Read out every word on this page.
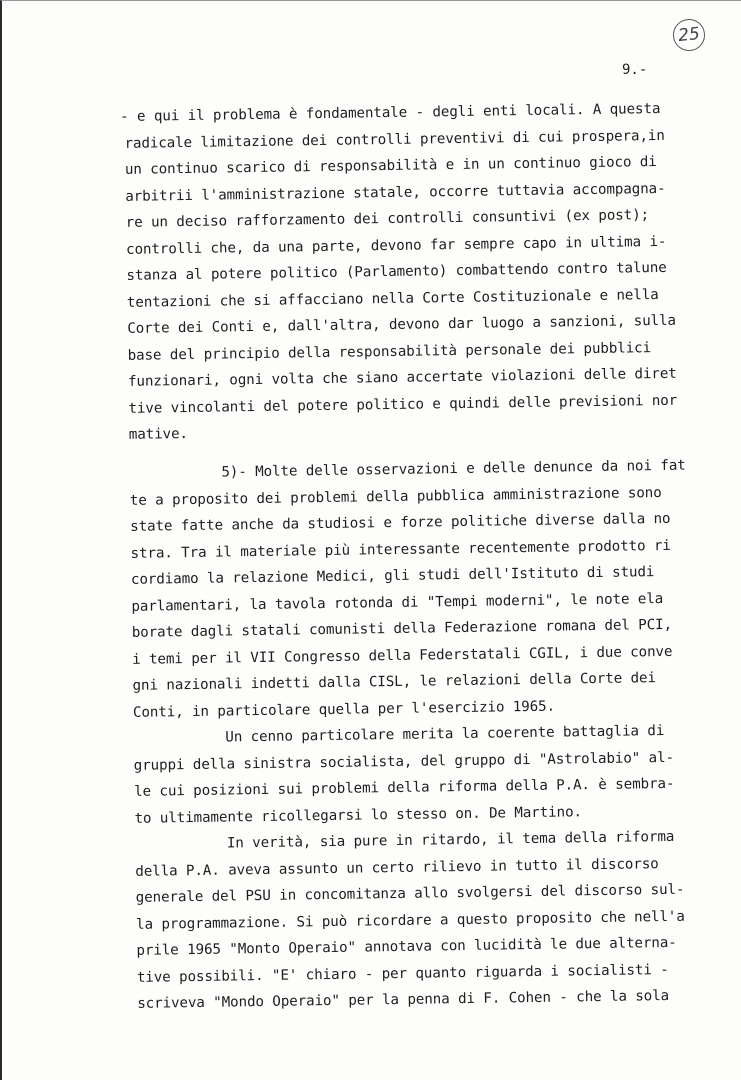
25
9.-
- e qui il problema è fondamentale - degli enti locali. A questa
radicale limitazione dei controlli preventivi di cui prospera,in
un continuo scarico di responsabilità e in un continuo gioco di
arbitrii l'amministrazione statale, occorre tuttavia accompagna-
re un deciso rafforzamento dei controlli consuntivi (ex post);
controlli che, da una parte, devono far sempre capo in ultima i-
stanza al potere politico (Parlamento) combattendo contro talune
tentazioni che si affacciano nella Corte Costituzionale e nella
Corte dei Conti e, dall'altra, devono dar luogo a sanzioni, sulla
base del principio della responsabilità personale dei pubblici
funzionari, ogni volta che siano accertate violazioni delle diret
tive vincolanti del potere politico e quindi delle previsioni nor
mative.
5)- Molte delle osservazioni e delle denunce da noi fat
te a proposito dei problemi della pubblica amministrazione sono
state fatte anche da studiosi e forze politiche diverse dalla no
stra. Tra il materiale più interessante recentemente prodotto ri
cordiamo la relazione Medici, gli studi dell'Istituto di studi
parlamentari, la tavola rotonda di "Tempi moderni", le note ela
borate dagli statali comunisti della Federazione romana del PCI,
i temi per il VII Congresso della Federstatali CGIL, i due conve
gni nazionali indetti dalla CISL, le relazioni della Corte dei
Conti, in particolare quella per l'esercizio 1965.
Un cenno particolare merita la coerente battaglia di
gruppi della sinistra socialista, del gruppo di "Astrolabio" al-
le cui posizioni sui problemi della riforma della P.A. è sembra-
to ultimamente ricollegarsi lo stesso on. De Martino.
In verità, sia pure in ritardo, il tema della riforma
della P.A. aveva assunto un certo rilievo in tutto il discorso
generale del PSU in concomitanza allo svolgersi del discorso sul-
la programmazione. Si può ricordare a questo proposito che nell'a
prile 1965 "Monto Operaio" annotava con lucidità le due alterna-
tive possibili. "E' chiaro - per quanto riguarda i socialisti -
scriveva "Mondo Operaio" per la penna di F. Cohen - che la sola
